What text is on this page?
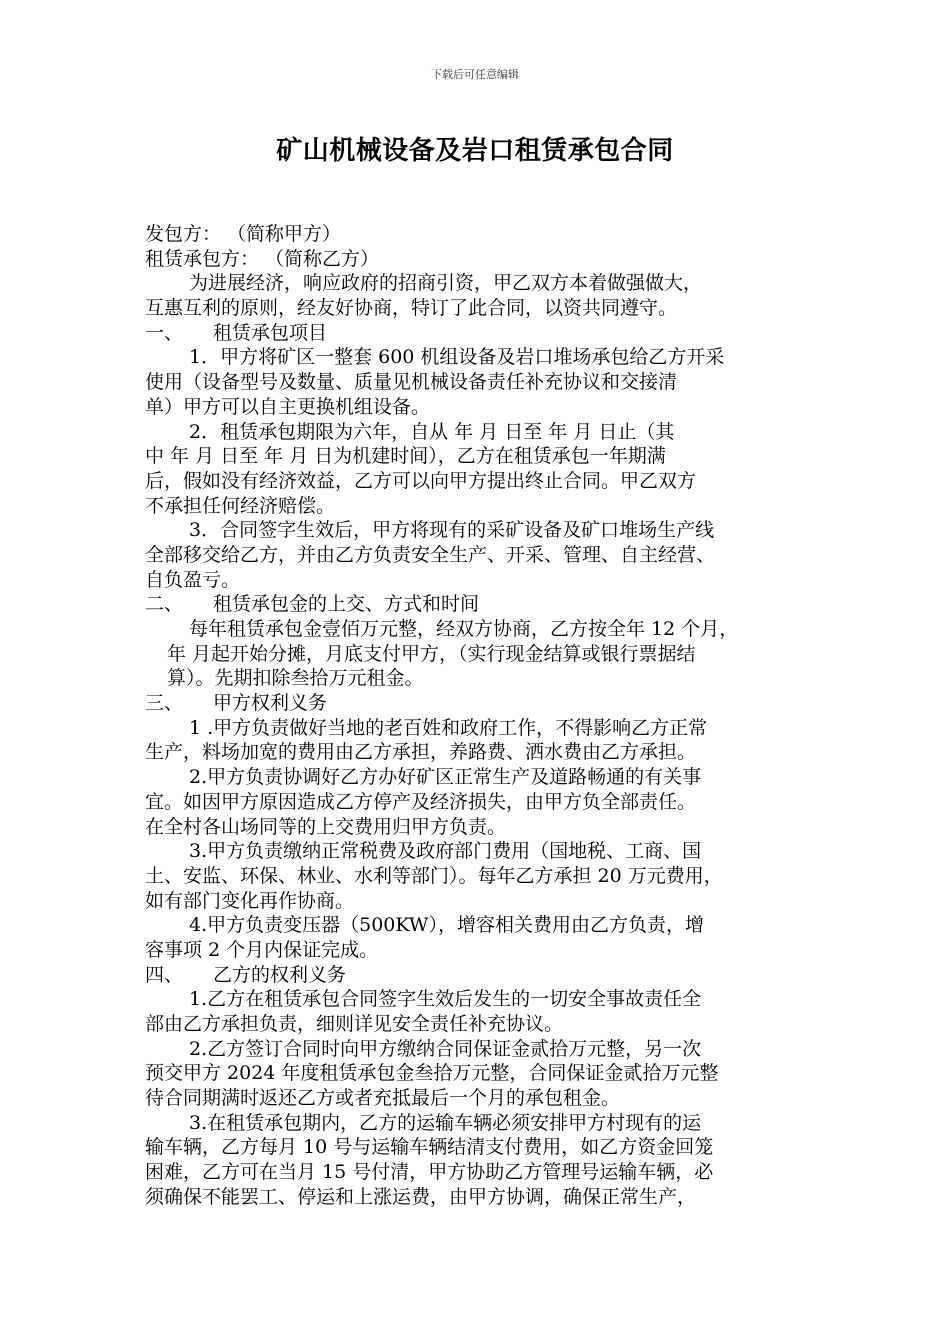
下载后可任意编辑
矿山机械设备及岩口租赁承包合同
发包方： （简称甲方）
租赁承包方： （简称乙方）
为进展经济，响应政府的招商引资，甲乙双方本着做强做大，
互惠互利的原则，经友好协商，特订了此合同，以资共同遵守。
一、 租赁承包项目
1．甲方将矿区一整套 600 机组设备及岩口堆场承包给乙方开采
使用（设备型号及数量、质量见机械设备责任补充协议和交接清
单）甲方可以自主更换机组设备。
2．租赁承包期限为六年，自从 年 月 日至 年 月 日止（其
中 年 月 日至 年 月 日为机建时间），乙方在租赁承包一年期满
后，假如没有经济效益，乙方可以向甲方提出终止合同。甲乙双方
不承担任何经济赔偿。
3．合同签字生效后，甲方将现有的采矿设备及矿口堆场生产线
全部移交给乙方，并由乙方负责安全生产、开采、管理、自主经营、
自负盈亏。
二、 租赁承包金的上交、方式和时间
每年租赁承包金壹佰万元整，经双方协商，乙方按全年 12 个月，
年 月起开始分摊，月底支付甲方，（实行现金结算或银行票据结
算）。先期扣除叁拾万元租金。
三、 甲方权利义务
1 .甲方负责做好当地的老百姓和政府工作，不得影响乙方正常
生产，料场加宽的费用由乙方承担，养路费、洒水费由乙方承担。
2.甲方负责协调好乙方办好矿区正常生产及道路畅通的有关事
宜。如因甲方原因造成乙方停产及经济损失，由甲方负全部责任。
在全村各山场同等的上交费用归甲方负责。
3.甲方负责缴纳正常税费及政府部门费用（国地税、工商、国
土、安监、环保、林业、水利等部门）。每年乙方承担 20 万元费用，
如有部门变化再作协商。
4.甲方负责变压器（500KW），增容相关费用由乙方负责，增
容事项 2 个月内保证完成。
四、 乙方的权利义务
1.乙方在租赁承包合同签字生效后发生的一切安全事故责任全
部由乙方承担负责，细则详见安全责任补充协议。
2.乙方签订合同时向甲方缴纳合同保证金贰拾万元整，另一次
预交甲方 2024 年度租赁承包金叁拾万元整，合同保证金贰拾万元整
待合同期满时返还乙方或者充抵最后一个月的承包租金。
3.在租赁承包期内，乙方的运输车辆必须安排甲方村现有的运
输车辆，乙方每月 10 号与运输车辆结清支付费用，如乙方资金回笼
困难，乙方可在当月 15 号付清，甲方协助乙方管理号运输车辆，必
须确保不能罢工、停运和上涨运费，由甲方协调，确保正常生产，
